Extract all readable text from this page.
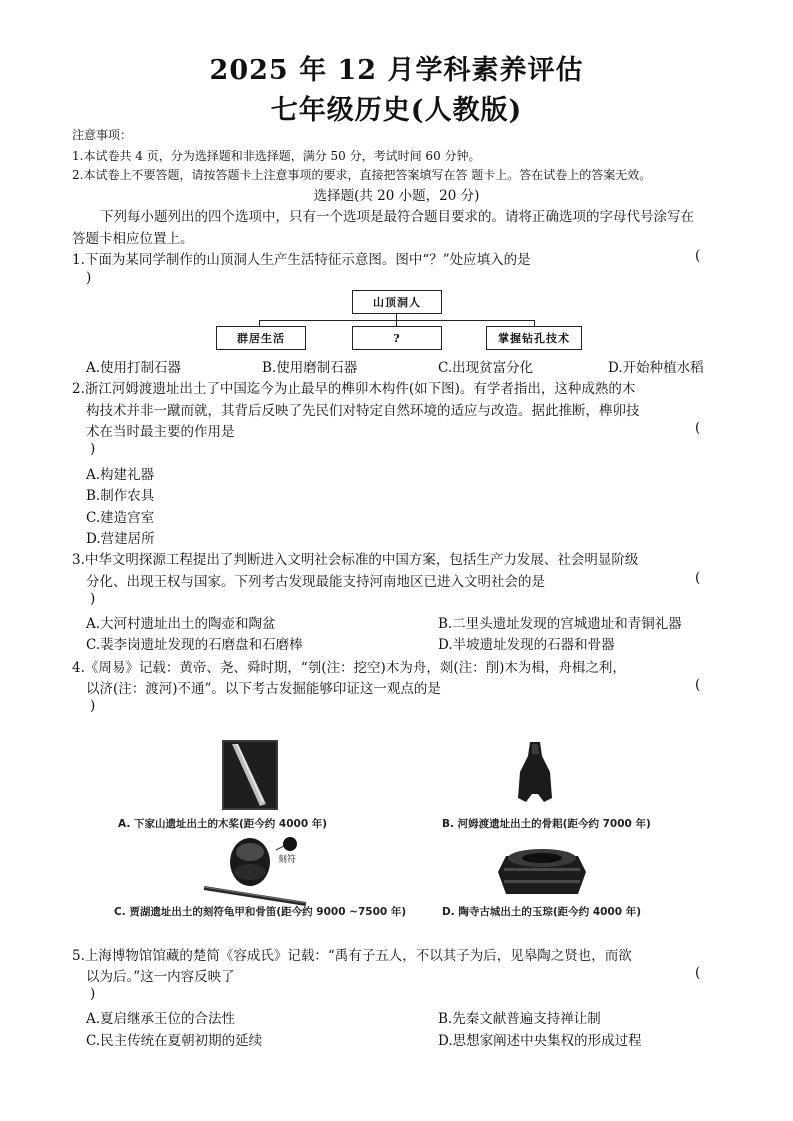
2025 年 12 月学科素养评估
七年级历史(人教版)
注意事项：
1.本试卷共 4 页，分为选择题和非选择题，满分 50 分，考试时间 60 分钟。
2.本试卷上不要答题，请按答题卡上注意事项的要求，直接把答案填写在答 题卡上。答在试卷上的答案无效。
选择题(共 20 小题，20 分)
下列每小题列出的四个选项中，只有一个选项是最符合题目要求的。请将正确选项的字母代号涂写在
答题卡相应位置上。
1.下面为某同学制作的山顶洞人生产生活特征示意图。图中“？”处应填入的是	(
)
山顶洞人
群居生活	?	掌握钻孔技术
A.使用打制石器	B.使用磨制石器	C.出现贫富分化	D.开始种植水稻
2.浙江河姆渡遗址出土了中国迄今为止最早的榫卯木构件(如下图)。有学者指出，这种成熟的木
构技术并非一蹴而就，其背后反映了先民们对特定自然环境的适应与改造。据此推断，榫卯技
术在当时最主要的作用是	(
)
A.构建礼器
B.制作农具
C.建造宫室
D.营建居所
3.中华文明探源工程提出了判断进入文明社会标准的中国方案，包括生产力发展、社会明显阶级
分化、出现王权与国家。下列考古发现最能支持河南地区已进入文明社会的是	(
)
A.大河村遗址出土的陶壶和陶盆	B.二里头遗址发现的宫城遗址和青铜礼器
C.裴李岗遗址发现的石磨盘和石磨棒	D.半坡遗址发现的石器和骨器
4.《周易》记载：黄帝、尧、舜时期，“刳(注：挖空)木为舟，剡(注：削)木为楫，舟楫之利，
以济(注：渡河)不通”。以下考古发掘能够印证这一观点的是	(
)
A. 下家山遗址出土的木桨(距今约 4000 年)	B. 河姆渡遗址出土的骨耜(距今约 7000 年)
刻符
C. 贾湖遗址出土的刻符龟甲和骨笛(距今约 9000 ~7500 年)	D. 陶寺古城出土的玉琮(距今约 4000 年)
5.上海博物馆馆藏的楚简《容成氏》记载：“禹有子五人，不以其子为后，见皋陶之贤也，而欲
以为后。”这一内容反映了	(
)
A.夏启继承王位的合法性	B.先秦文献普遍支持禅让制
C.民主传统在夏朝初期的延续	D.思想家阐述中央集权的形成过程
